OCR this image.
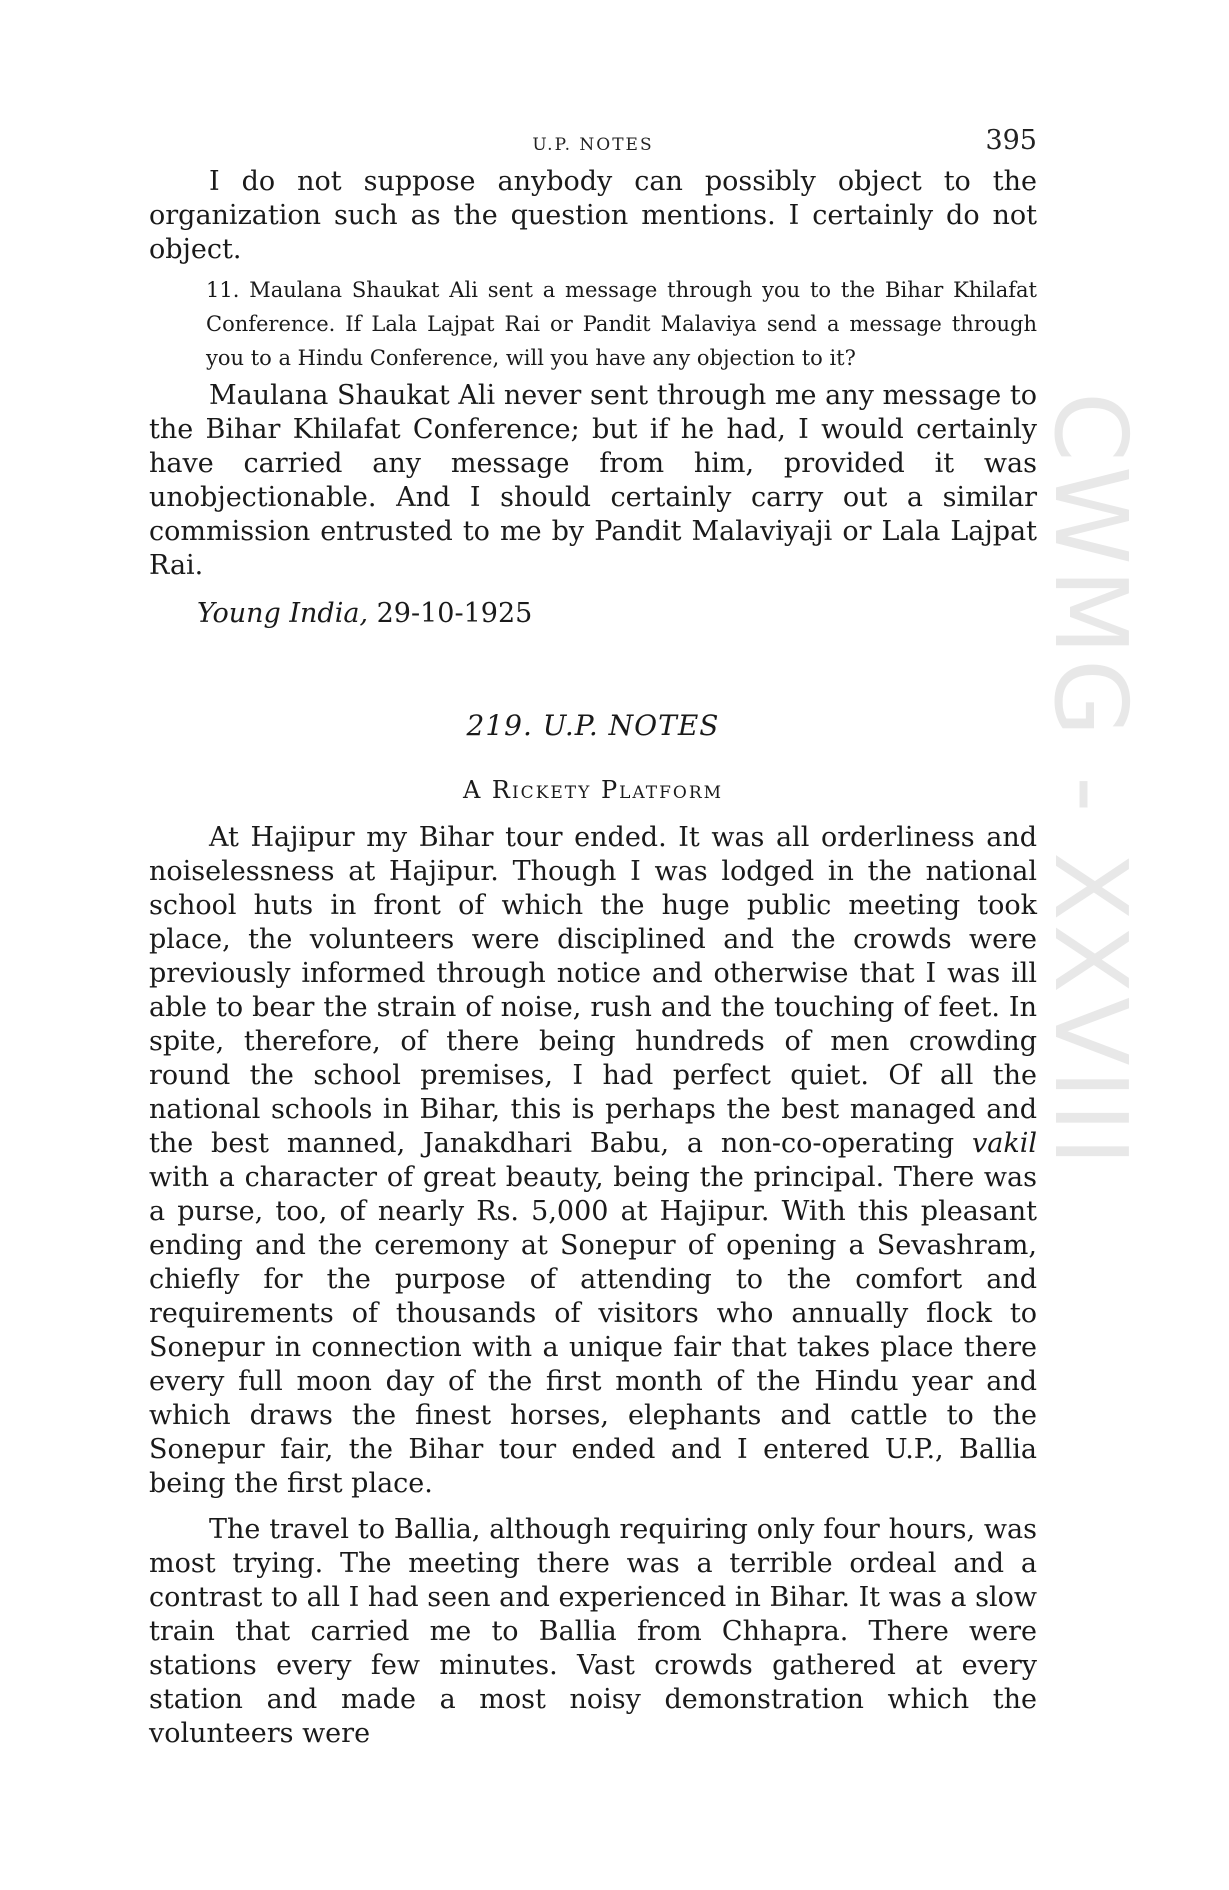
CWMG - XXVIII
U.P. NOTES	395

I do not suppose anybody can possibly object to the organization such as the question mentions. I certainly do not object.

11. Maulana Shaukat Ali sent a message through you to the Bihar Khilafat Conference. If Lala Lajpat Rai or Pandit Malaviya send a message through you to a Hindu Conference, will you have any objection to it?

Maulana Shaukat Ali never sent through me any message to the Bihar Khilafat Conference; but if he had, I would certainly have carried any message from him, provided it was unobjectionable. And I should certainly carry out a similar commission entrusted to me by Pandit Malaviyaji or Lala Lajpat Rai.

Young India, 29-10-1925
219. U.P. NOTES
A Rickety Platform

At Hajipur my Bihar tour ended. It was all orderliness and noiselessness at Hajipur. Though I was lodged in the national school huts in front of which the huge public meeting took place, the volunteers were disciplined and the crowds were previously informed through notice and otherwise that I was ill able to bear the strain of noise, rush and the touching of feet. In spite, therefore, of there being hundreds of men crowding round the school premises, I had perfect quiet. Of all the national schools in Bihar, this is perhaps the best managed and the best manned, Janakdhari Babu, a non-co-operating vakil with a character of great beauty, being the principal. There was a purse, too, of nearly Rs. 5,000 at Hajipur. With this pleasant ending and the ceremony at Sonepur of opening a Sevashram, chiefly for the purpose of attending to the comfort and requirements of thousands of visitors who annually flock to Sonepur in connection with a unique fair that takes place there every full moon day of the first month of the Hindu year and which draws the finest horses, elephants and cattle to the Sonepur fair, the Bihar tour ended and I entered U.P., Ballia being the first place.

The travel to Ballia, although requiring only four hours, was most trying. The meeting there was a terrible ordeal and a contrast to all I had seen and experienced in Bihar. It was a slow train that carried me to Ballia from Chhapra. There were stations every few minutes. Vast crowds gathered at every station and made a most noisy demonstration which the volunteers were
